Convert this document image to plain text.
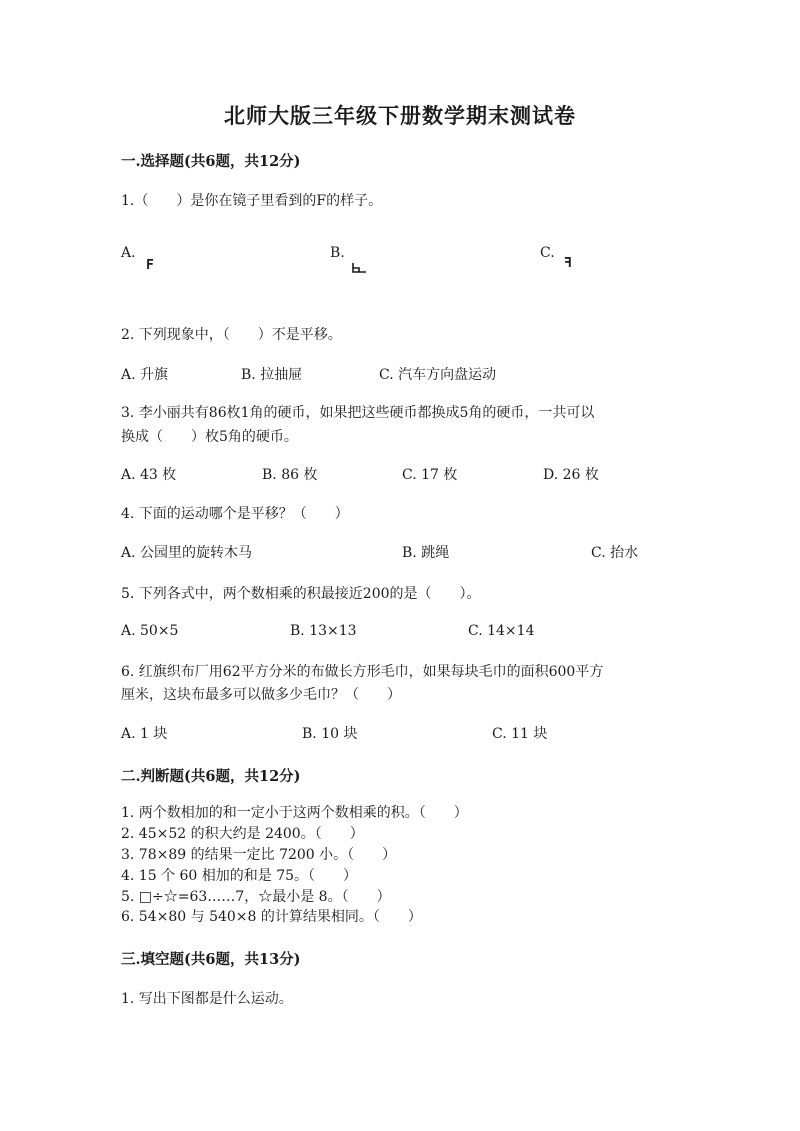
北师大版三年级下册数学期末测试卷
一.选择题(共6题，共12分)
1.（　　）是你在镜子里看到的F的样子。
A.
F
B.	C.
F
2. 下列现象中，（　　）不是平移。
A. 升旗	B. 拉抽屉	C. 汽车方向盘运动
3. 李小丽共有86枚1角的硬币，如果把这些硬币都换成5角的硬币，一共可以
换成（　　）枚5角的硬币。
A. 43 枚	B. 86 枚	C. 17 枚	D. 26 枚
4. 下面的运动哪个是平移？（　　）
A. 公园里的旋转木马	B. 跳绳	C. 抬水
5. 下列各式中，两个数相乘的积最接近200的是（　　）。
A. 50×5	B. 13×13	C. 14×14
6. 红旗织布厂用62平方分米的布做长方形毛巾，如果每块毛巾的面积600平方
厘米，这块布最多可以做多少毛巾？（　　）
A. 1 块	B. 10 块	C. 11 块
二.判断题(共6题，共12分)
1. 两个数相加的和一定小于这两个数相乘的积。（　　）
2. 45×52 的积大约是 2400。（　　）
3. 78×89 的结果一定比 7200 小。（　　）
4. 15 个 60 相加的和是 75。（　　）
5. □÷☆=63……7，☆最小是 8。（　　）
6. 54×80 与 540×8 的计算结果相同。（　　）
三.填空题(共6题，共13分)
1. 写出下图都是什么运动。
